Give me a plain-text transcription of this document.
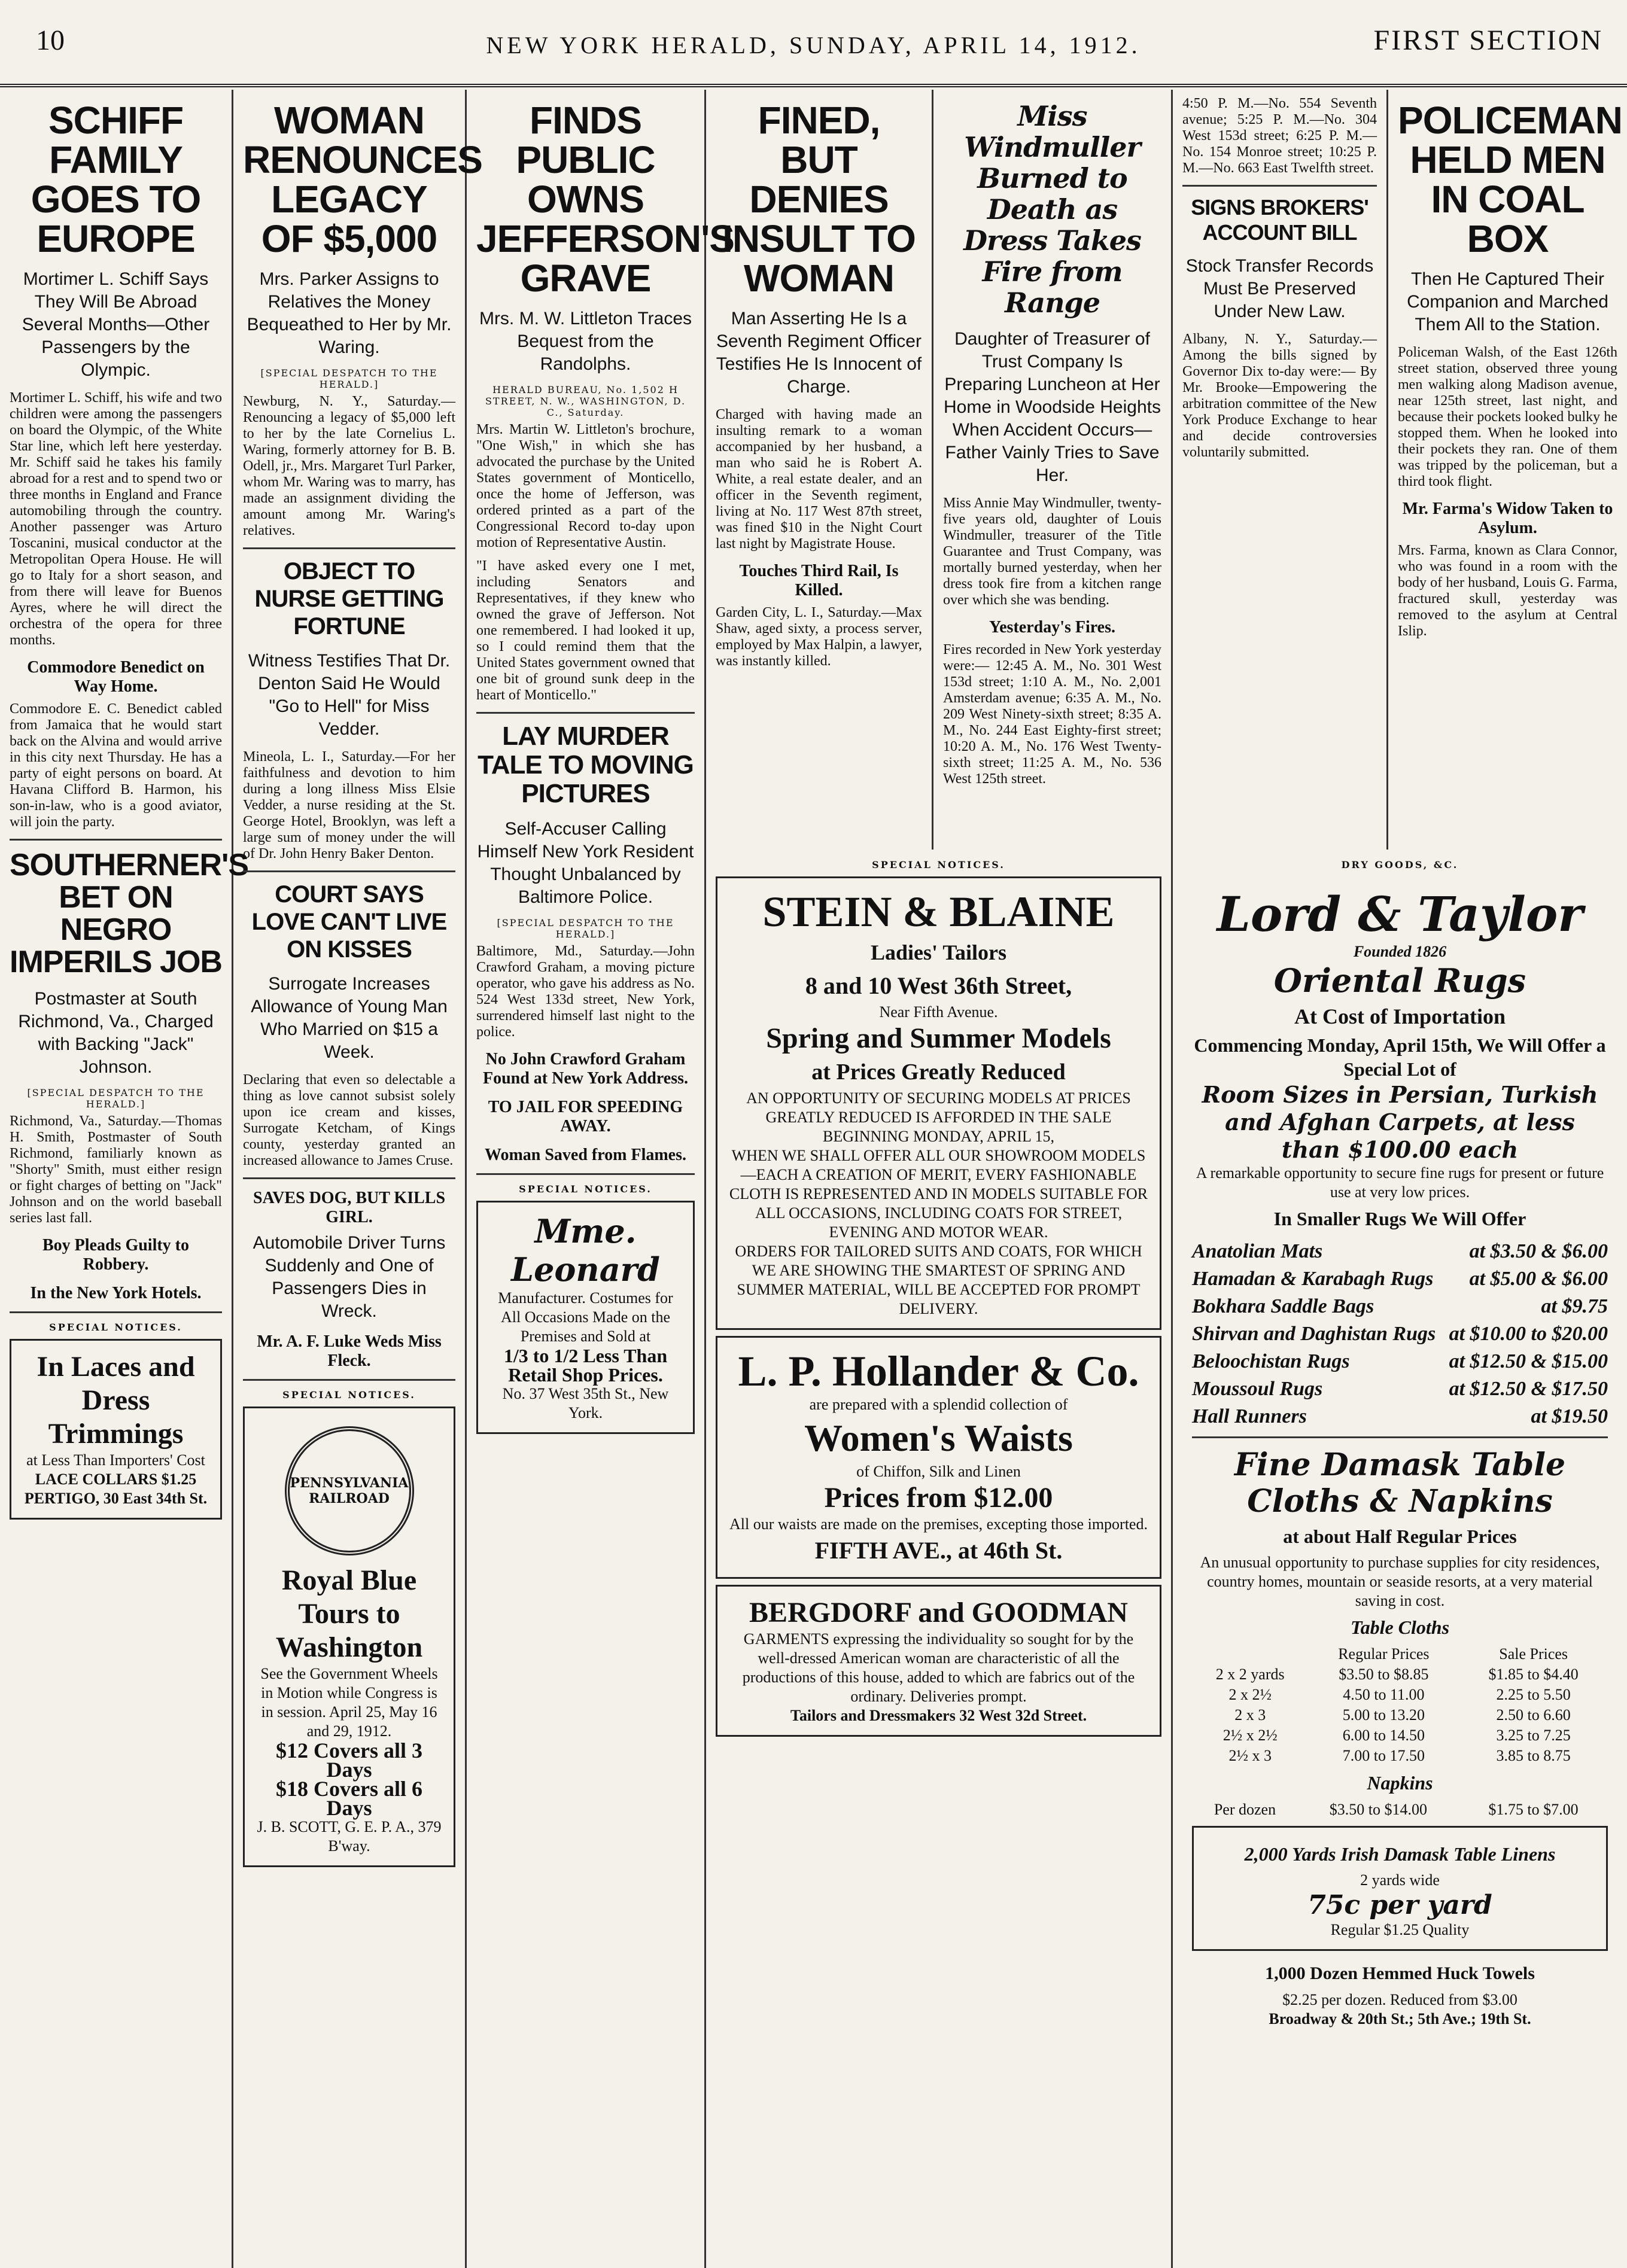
10	NEW YORK HERALD, SUNDAY, APRIL 14, 1912.	FIRST SECTION
SCHIFF FAMILY GOES TO EUROPE
Mortimer L. Schiff Says They Will Be Abroad Several Months—Other Passengers by the Olympic.

Mortimer L. Schiff, his wife and two children were among the passengers on board the Olympic, of the White Star line, which left here yesterday. Mr. Schiff said he takes his family abroad for a rest and to spend two or three months in England and France automobiling through the country. Another passenger was Arturo Toscanini, musical conductor at the Metropolitan Opera House. He will go to Italy for a short season, and from there will leave for Buenos Ayres, where he will direct the orchestra of the opera for three months.

Commodore Benedict on Way Home.

Commodore E. C. Benedict cabled from Jamaica that he would start back on the Alvina and would arrive in this city next Thursday. He has a party of eight persons on board. At Havana Clifford B. Harmon, his son-in-law, who is a good aviator, will join the party.

SOUTHERNER'S BET ON NEGRO IMPERILS JOB
Postmaster at South Richmond, Va., Charged with Backing "Jack" Johnson.
[SPECIAL DESPATCH TO THE HERALD.]

Richmond, Va., Saturday.—Thomas H. Smith, Postmaster of South Richmond, familiarly known as "Shorty" Smith, must either resign or fight charges of betting on "Jack" Johnson and on the world baseball series last fall.

Boy Pleads Guilty to Robbery.
In the New York Hotels.
SPECIAL NOTICES.
In Laces and Dress Trimmings
at Less Than Importers' Cost
LACE COLLARS $1.25 PERTIGO, 30 East 34th St.
WOMAN RENOUNCES LEGACY OF $5,000
Mrs. Parker Assigns to Relatives the Money Bequeathed to Her by Mr. Waring.
[SPECIAL DESPATCH TO THE HERALD.]

Newburg, N. Y., Saturday.—Renouncing a legacy of $5,000 left to her by the late Cornelius L. Waring, formerly attorney for B. B. Odell, jr., Mrs. Margaret Turl Parker, whom Mr. Waring was to marry, has made an assignment dividing the amount among Mr. Waring's relatives.

OBJECT TO NURSE GETTING FORTUNE
Witness Testifies That Dr. Denton Said He Would "Go to Hell" for Miss Vedder.

Mineola, L. I., Saturday.—For her faithfulness and devotion to him during a long illness Miss Elsie Vedder, a nurse residing at the St. George Hotel, Brooklyn, was left a large sum of money under the will of Dr. John Henry Baker Denton.

COURT SAYS LOVE CAN'T LIVE ON KISSES
Surrogate Increases Allowance of Young Man Who Married on $15 a Week.

Declaring that even so delectable a thing as love cannot subsist solely upon ice cream and kisses, Surrogate Ketcham, of Kings county, yesterday granted an increased allowance to James Cruse.

SAVES DOG, BUT KILLS GIRL.
Automobile Driver Turns Suddenly and One of Passengers Dies in Wreck.
Mr. A. F. Luke Weds Miss Fleck.
SPECIAL NOTICES.
PENNSYLVANIA RAILROAD
Royal Blue Tours to Washington
See the Government Wheels in Motion while Congress is in session. April 25, May 16 and 29, 1912.
$12 Covers all 3 Days
$18 Covers all 6 Days
J. B. SCOTT, G. E. P. A., 379 B'way.
FINDS PUBLIC OWNS JEFFERSON'S GRAVE
Mrs. M. W. Littleton Traces Bequest from the Randolphs.
HERALD BUREAU, No. 1,502 H STREET, N. W., WASHINGTON, D. C., Saturday.

Mrs. Martin W. Littleton's brochure, "One Wish," in which she has advocated the purchase by the United States government of Monticello, once the home of Jefferson, was ordered printed as a part of the Congressional Record to-day upon motion of Representative Austin.

"I have asked every one I met, including Senators and Representatives, if they knew who owned the grave of Jefferson. Not one remembered. I had looked it up, so I could remind them that the United States government owned that one bit of ground sunk deep in the heart of Monticello."

LAY MURDER TALE TO MOVING PICTURES
Self-Accuser Calling Himself New York Resident Thought Unbalanced by Baltimore Police.
[SPECIAL DESPATCH TO THE HERALD.]

Baltimore, Md., Saturday.—John Crawford Graham, a moving picture operator, who gave his address as No. 524 West 133d street, New York, surrendered himself last night to the police.

No John Crawford Graham Found at New York Address.
TO JAIL FOR SPEEDING AWAY.
Woman Saved from Flames.
SPECIAL NOTICES.
Mme. Leonard
Manufacturer. Costumes for All Occasions Made on the Premises and Sold at
1/3 to 1/2 Less Than Retail Shop Prices.
No. 37 West 35th St., New York.
FINED, BUT DENIES INSULT TO WOMAN
Man Asserting He Is a Seventh Regiment Officer Testifies He Is Innocent of Charge.

Charged with having made an insulting remark to a woman accompanied by her husband, a man who said he is Robert A. White, a real estate dealer, and an officer in the Seventh regiment, living at No. 117 West 87th street, was fined $10 in the Night Court last night by Magistrate House.

Touches Third Rail, Is Killed.

Garden City, L. I., Saturday.—Max Shaw, aged sixty, a process server, employed by Max Halpin, a lawyer, was instantly killed.

Miss Windmuller Burned to Death as Dress Takes Fire from Range
Daughter of Treasurer of Trust Company Is Preparing Luncheon at Her Home in Woodside Heights When Accident Occurs—Father Vainly Tries to Save Her.

Miss Annie May Windmuller, twenty-five years old, daughter of Louis Windmuller, treasurer of the Title Guarantee and Trust Company, was mortally burned yesterday, when her dress took fire from a kitchen range over which she was bending.

Yesterday's Fires.

Fires recorded in New York yesterday were:— 12:45 A. M., No. 301 West 153d street; 1:10 A. M., No. 2,001 Amsterdam avenue; 6:35 A. M., No. 209 West Ninety-sixth street; 8:35 A. M., No. 244 East Eighty-first street; 10:20 A. M., No. 176 West Twenty-sixth street; 11:25 A. M., No. 536 West 125th street.

4:50 P. M.—No. 554 Seventh avenue; 5:25 P. M.—No. 304 West 153d street; 6:25 P. M.—No. 154 Monroe street; 10:25 P. M.—No. 663 East Twelfth street.

SIGNS BROKERS' ACCOUNT BILL
Stock Transfer Records Must Be Preserved Under New Law.

Albany, N. Y., Saturday.—Among the bills signed by Governor Dix to-day were:— By Mr. Brooke—Empowering the arbitration committee of the New York Produce Exchange to hear and decide controversies voluntarily submitted.

POLICEMAN HELD MEN IN COAL BOX
Then He Captured Their Companion and Marched Them All to the Station.

Policeman Walsh, of the East 126th street station, observed three young men walking along Madison avenue, near 125th street, last night, and because their pockets looked bulky he stopped them. When he looked into their pockets they ran. One of them was tripped by the policeman, but a third took flight.

Mr. Farma's Widow Taken to Asylum.

Mrs. Farma, known as Clara Connor, who was found in a room with the body of her husband, Louis G. Farma, fractured skull, yesterday was removed to the asylum at Central Islip.

SPECIAL NOTICES.
STEIN & BLAINE
Ladies' Tailors
8 and 10 West 36th Street,
Near Fifth Avenue.
Spring and Summer Models
at Prices Greatly Reduced
AN OPPORTUNITY OF SECURING MODELS AT PRICES GREATLY REDUCED IS AFFORDED IN THE SALE BEGINNING MONDAY, APRIL 15,
WHEN WE SHALL OFFER ALL OUR SHOWROOM MODELS—EACH A CREATION OF MERIT, EVERY FASHIONABLE CLOTH IS REPRESENTED AND IN MODELS SUITABLE FOR ALL OCCASIONS, INCLUDING COATS FOR STREET, EVENING AND MOTOR WEAR.
ORDERS FOR TAILORED SUITS AND COATS, FOR WHICH WE ARE SHOWING THE SMARTEST OF SPRING AND SUMMER MATERIAL, WILL BE ACCEPTED FOR PROMPT DELIVERY.
L. P. Hollander & Co.
are prepared with a splendid collection of
Women's Waists
of Chiffon, Silk and Linen
Prices from $12.00
All our waists are made on the premises, excepting those imported.
FIFTH AVE., at 46th St.
BERGDORF and GOODMAN
GARMENTS expressing the individuality so sought for by the well-dressed American woman are characteristic of all the productions of this house, added to which are fabrics out of the ordinary. Deliveries prompt.
Tailors and Dressmakers 32 West 32d Street.
DRY GOODS, &C.
Lord & Taylor
Founded 1826
Oriental Rugs
At Cost of Importation
Commencing Monday, April 15th, We Will Offer a Special Lot of
Room Sizes in Persian, Turkish and Afghan Carpets, at less than $100.00 each
A remarkable opportunity to secure fine rugs for present or future use at very low prices.
In Smaller Rugs We Will Offer
Anatolian Mats	at $3.50 & $6.00
Hamadan & Karabagh Rugs at $5.00 & $6.00
Bokhara Saddle Bags	at $9.75
Shirvan and Daghistan Rugs at $10.00 to $20.00
Beloochistan Rugs	at $12.50 & $15.00
Moussoul Rugs	at $12.50 & $17.50
Hall Runners	at $19.50
Fine Damask Table Cloths & Napkins
at about Half Regular Prices
An unusual opportunity to purchase supplies for city residences, country homes, mountain or seaside resorts, at a very material saving in cost.
Table Cloths
	Regular Prices	Sale Prices
2 x 2 yards	$3.50 to $8.85	$1.85 to $4.40
2 x 2½	4.50 to 11.00	2.25 to 5.50
2 x 3	5.00 to 13.20	2.50 to 6.60
2½ x 2½	6.00 to 14.50	3.25 to 7.25
2½ x 3	7.00 to 17.50	3.85 to 8.75
Napkins
Per dozen	$3.50 to $14.00	$1.75 to $7.00
2,000 Yards Irish Damask Table Linens
2 yards wide
75c per yard
Regular $1.25 Quality
1,000 Dozen Hemmed Huck Towels
$2.25 per dozen. Reduced from $3.00
Broadway & 20th St.; 5th Ave.; 19th St.
